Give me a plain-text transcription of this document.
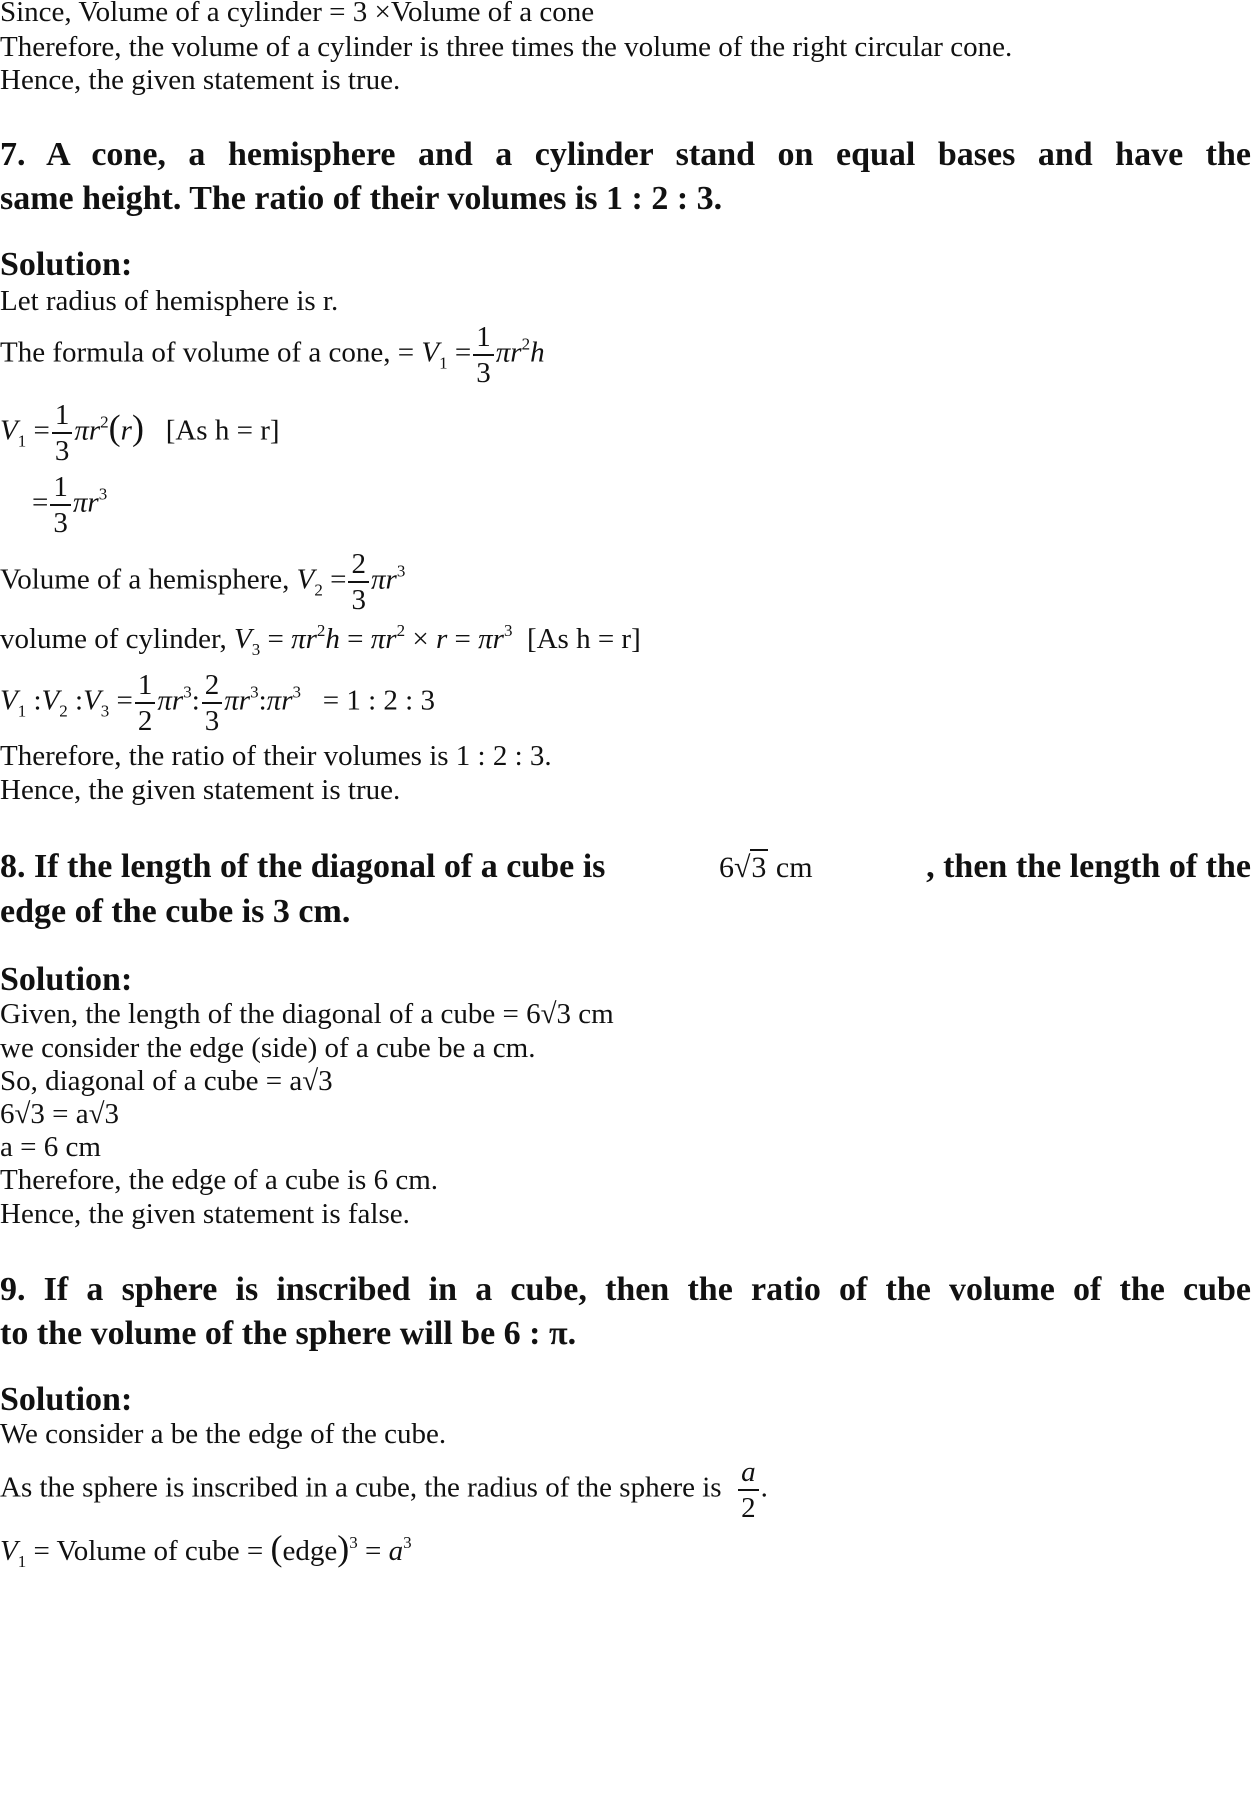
Since, Volume of a cylinder = 3 ×Volume of a cone
Therefore, the volume of a cylinder is three times the volume of the right circular cone.
Hence, the given statement is true.
7. A cone, a hemisphere and a cylinder stand on equal bases and have the
same height. The ratio of their volumes is 1 : 2 : 3.
Solution:
Let radius of hemisphere is r.
The formula of volume of a cone, = $V_1 = \frac{1}{3} \pi r^2h$
$V_1 = \frac{1}{3} \pi r^2(r)$ [As h = r]
= $\frac{1}{3} \pi r^3$
Volume of a hemisphere, $V_2 = \frac{2}{3} \pi r^3$
volume of cylinder, $V_3 = \pi r^2h = \pi r^2 \times r = \pi r^3$ [As h = r]
$V_1$ $:V_2$ $:V_3 = \frac{1}{2} \pi r^3$: $\frac{2}{3}$ $\pi r^3:\pi r^3 = 1$ : 2 : 3
Therefore, the ratio of their volumes is 1 : 2 : 3.
Hence, the given statement is true.
8. If the length of the diagonal of a cube is	6√3 cm	, then the length of the
edge of the cube is 3 cm.
Solution:
Given, the length of the diagonal of a cube = 6√3 cm
we consider the edge (side) of a cube be a cm.
So, diagonal of a cube = a√3
6√3 = a√3
a = 6 cm
Therefore, the edge of a cube is 6 cm.
Hence, the given statement is false.
9. If a sphere is inscribed in a cube, then the ratio of the volume of the cube
to the volume of the sphere will be 6 : π.
Solution:
We consider a be the edge of the cube.
As the sphere is inscribed in a cube, the radius of the sphere is $\frac{a}{2}$ .
$V_1$ = Volume of cube = (edge)$^3$ = $a^3$
